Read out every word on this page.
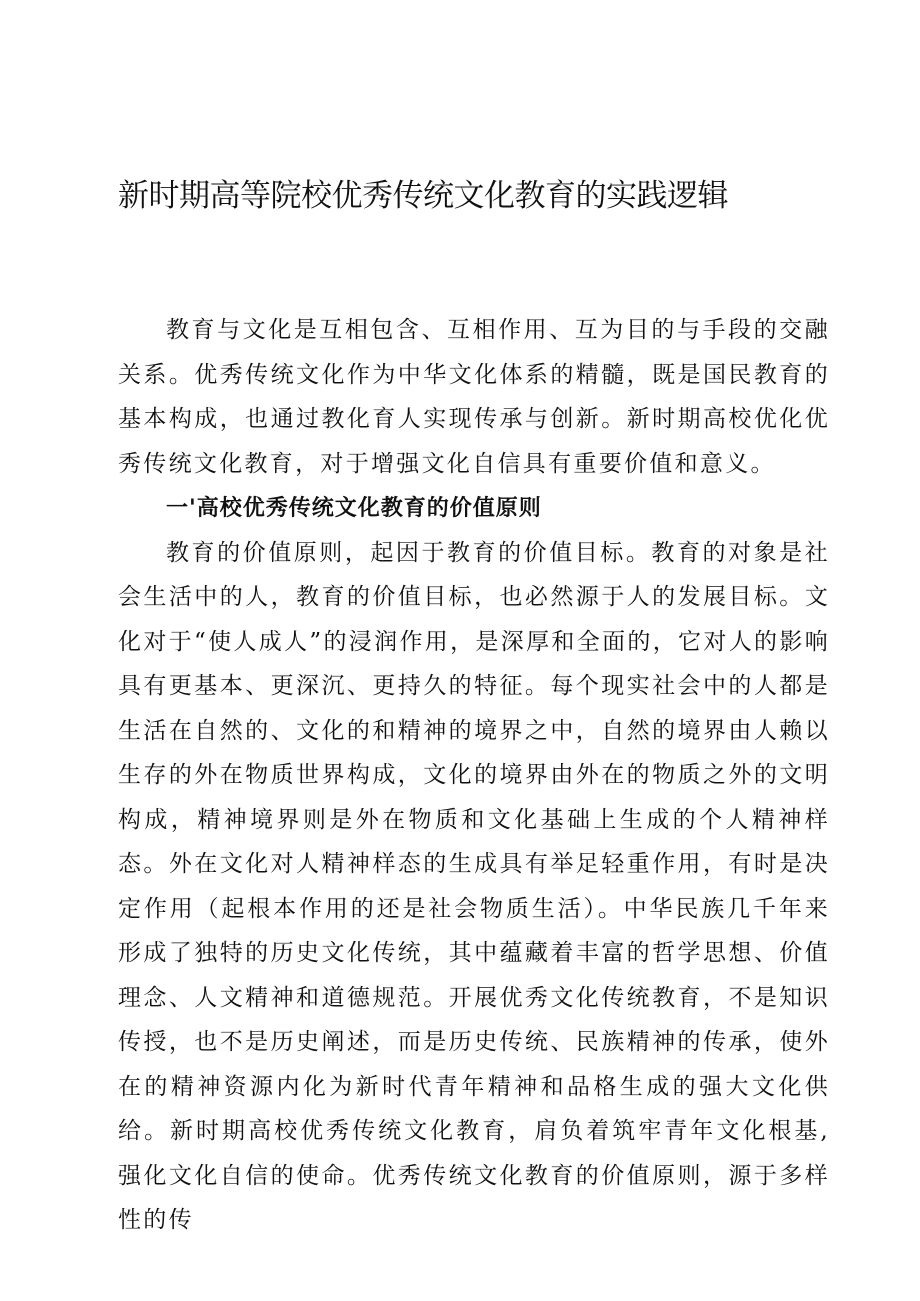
新时期高等院校优秀传统文化教育的实践逻辑

教育与文化是互相包含、互相作用、互为目的与手段的交融关系。优秀传统文化作为中华文化体系的精髓，既是国民教育的基本构成，也通过教化育人实现传承与创新。新时期高校优化优秀传统文化教育，对于增强文化自信具有重要价值和意义。

一'高校优秀传统文化教育的价值原则

教育的价值原则，起因于教育的价值目标。教育的对象是社会生活中的人，教育的价值目标，也必然源于人的发展目标。文化对于“使人成人”的浸润作用，是深厚和全面的，它对人的影响具有更基本、更深沉、更持久的特征。每个现实社会中的人都是生活在自然的、文化的和精神的境界之中，自然的境界由人赖以生存的外在物质世界构成，文化的境界由外在的物质之外的文明构成，精神境界则是外在物质和文化基础上生成的个人精神样态。外在文化对人精神样态的生成具有举足轻重作用，有时是决定作用（起根本作用的还是社会物质生活）。中华民族几千年来形成了独特的历史文化传统，其中蕴藏着丰富的哲学思想、价值理念、人文精神和道德规范。开展优秀文化传统教育，不是知识传授，也不是历史阐述，而是历史传统、民族精神的传承，使外在的精神资源内化为新时代青年精神和品格生成的强大文化供给。新时期高校优秀传统文化教育，肩负着筑牢青年文化根基,强化文化自信的使命。优秀传统文化教育的价值原则，源于多样性的传
